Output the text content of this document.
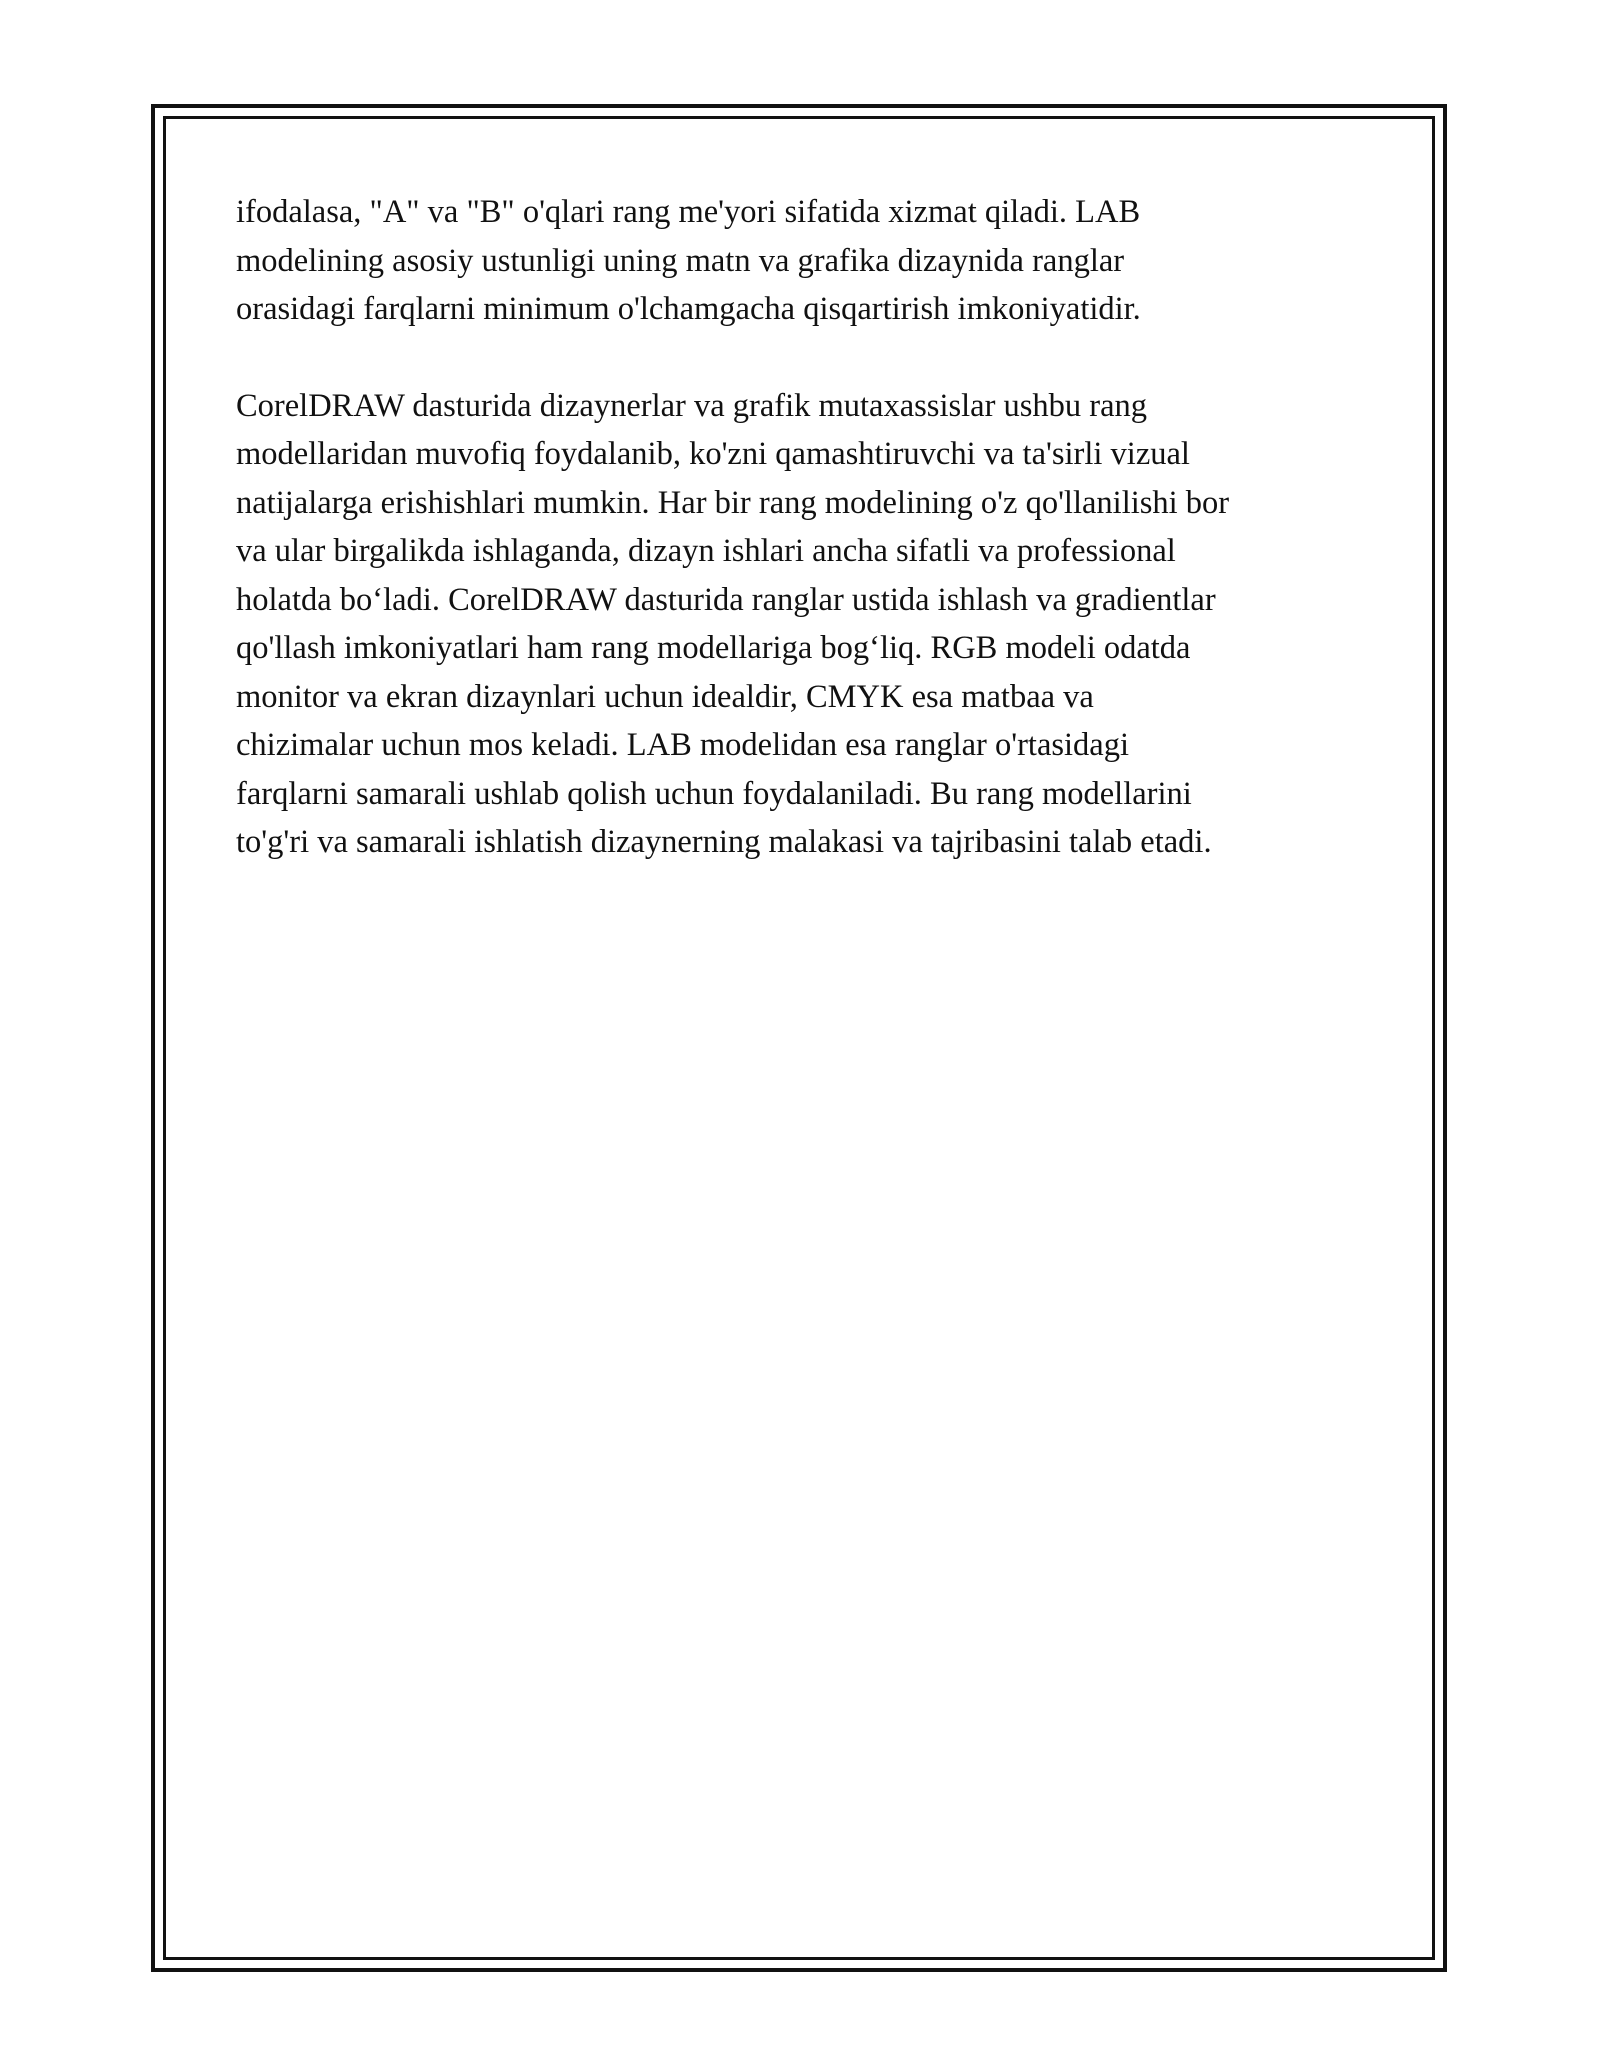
ifodalasa, "A" va "B" o'qlari rang me'yori sifatida xizmat qiladi. LAB
modelining asosiy ustunligi uning matn va grafika dizaynida ranglar
orasidagi farqlarni minimum o'lchamgacha qisqartirish imkoniyatidir.

CorelDRAW dasturida dizaynerlar va grafik mutaxassislar ushbu rang
modellaridan muvofiq foydalanib, ko'zni qamashtiruvchi va ta'sirli vizual
natijalarga erishishlari mumkin. Har bir rang modelining o'z qo'llanilishi bor
va ular birgalikda ishlaganda, dizayn ishlari ancha sifatli va professional
holatda bo‘ladi. CorelDRAW dasturida ranglar ustida ishlash va gradientlar
qo'llash imkoniyatlari ham rang modellariga bog‘liq. RGB modeli odatda
monitor va ekran dizaynlari uchun idealdir, CMYK esa matbaa va
chizimalar uchun mos keladi. LAB modelidan esa ranglar o'rtasidagi
farqlarni samarali ushlab qolish uchun foydalaniladi. Bu rang modellarini
to'g'ri va samarali ishlatish dizaynerning malakasi va tajribasini talab etadi.
